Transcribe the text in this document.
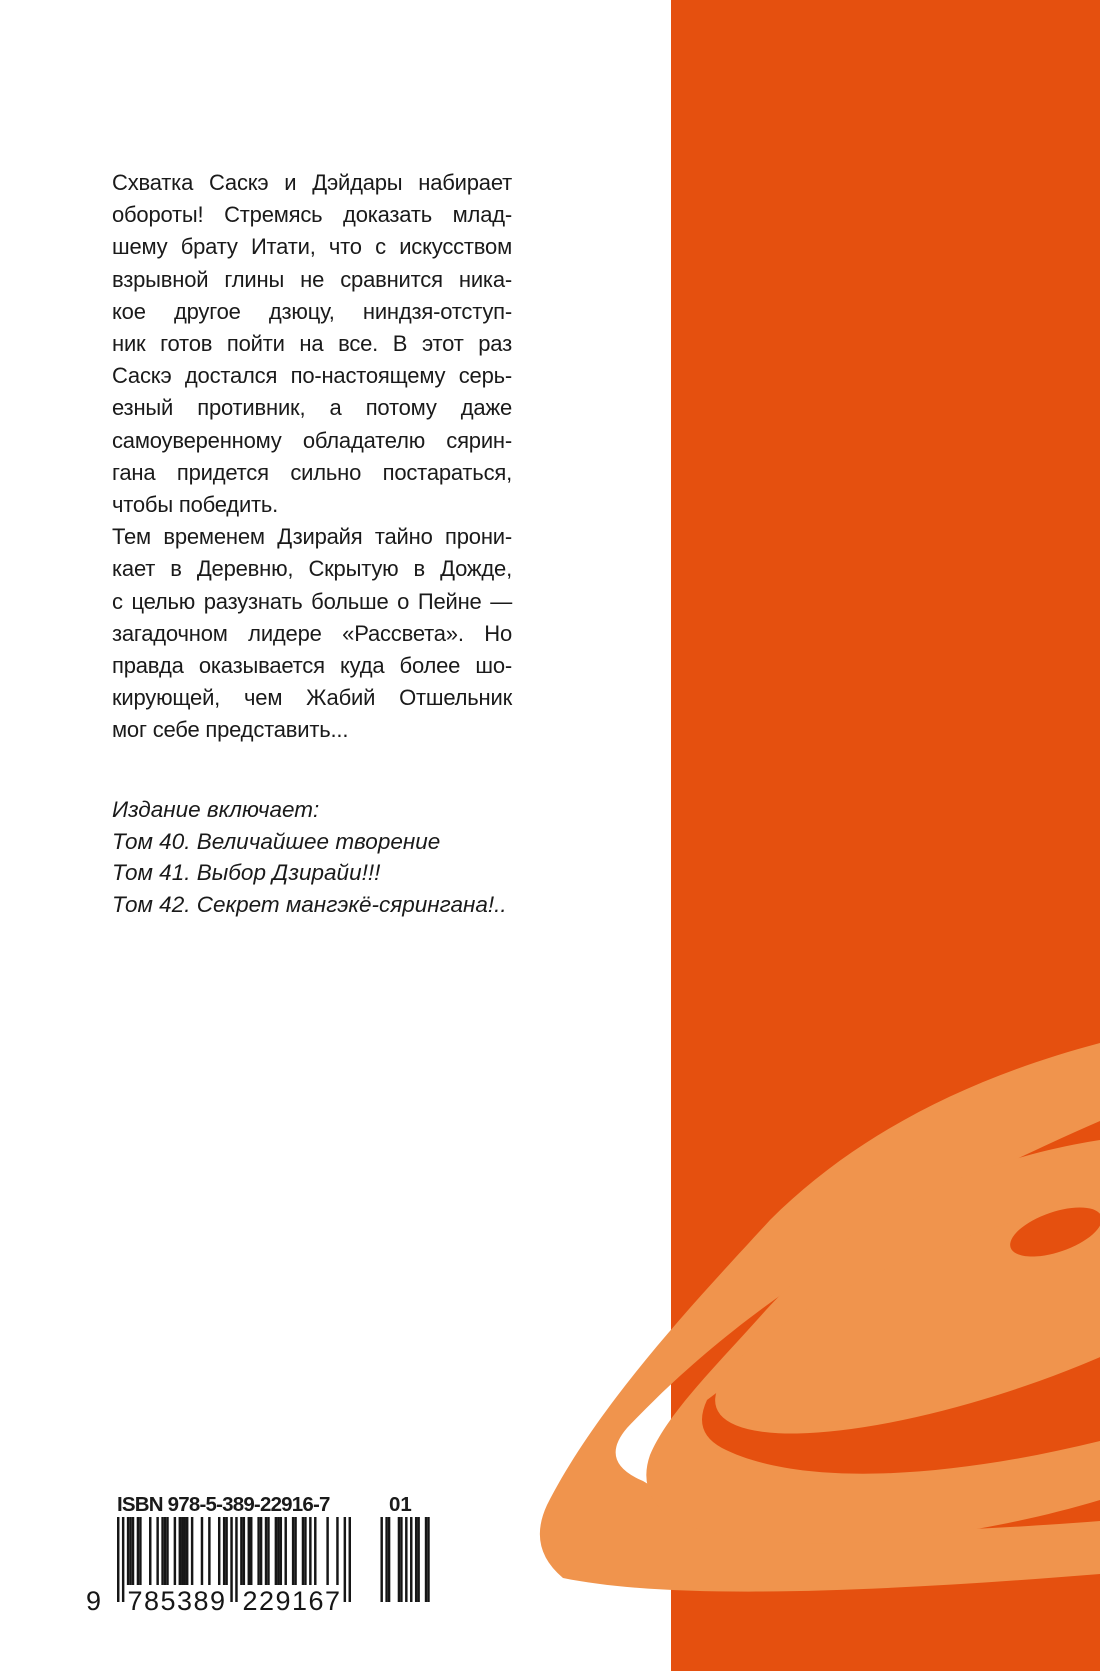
Схватка Саскэ и Дэйдары набирает
обороты! Стремясь доказать млад-
шему брату Итати, что с искусством
взрывной глины не сравнится ника-
кое другое дзюцу, ниндзя-отступ-
ник готов пойти на все. В этот раз
Саскэ достался по-настоящему серь-
езный противник, а потому даже
самоуверенному обладателю сярин-
гана придется сильно постараться,
чтобы победить.
Тем временем Дзирайя тайно прони-
кает в Деревню, Скрытую в Дожде,
с целью разузнать больше о Пейне —
загадочном лидере «Рассвета». Но
правда оказывается куда более шо-
кирующей, чем Жабий Отшельник
мог себе представить...
Издание включает:
Том 40. Величайшее творение
Том 41. Выбор Дзирайи!!!
Том 42. Секрет мангэкё-сярингана!..
ISBN 978-5-389-22916-7	01
9 785389 229167
